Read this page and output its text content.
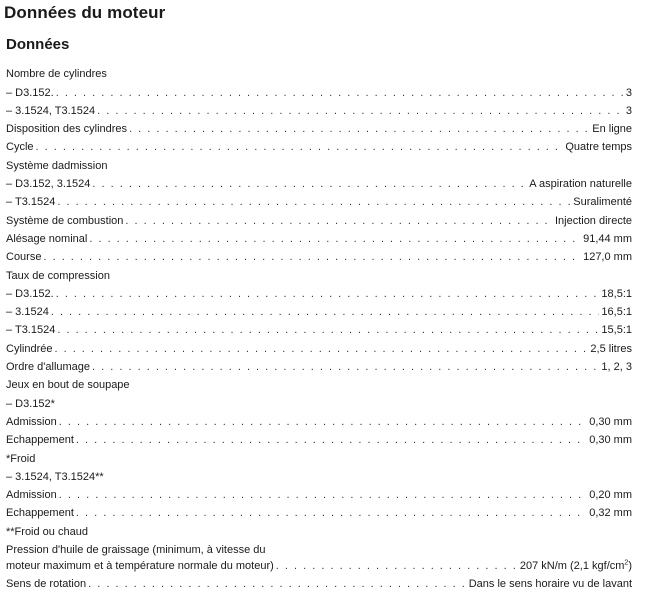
Données du moteur
Données
Nombre de cylindres
– D3.152. . . .	3
– 3.1524, T3.1524 . . .	3
Disposition des cylindres . . .	En ligne
Cycle . . .	Quatre temps
Système dadmission
– D3.152, 3.1524 . . .	A aspiration naturelle
– T3.1524 . . .	Suralimenté
Système de combustion . . .	Injection directe
Alésage nominal . . .	91,44 mm
Course . . .	127,0 mm
Taux de compression
– D3.152. . . .	18,5:1
– 3.1524 . . .	16,5:1
– T3.1524 . . .	15,5:1
Cylindrée . . .	2,5 litres
Ordre d'allumage . . .	1, 2, 3
Jeux en bout de soupape
– D3.152*
Admission . . .	0,30 mm
Echappement . . .	0,30 mm
*Froid
– 3.1524, T3.1524**
Admission . . .	0,20 mm
Echappement . . .	0,32 mm
**Froid ou chaud
Pression d'huile de graissage (minimum, à vitesse du
moteur maximum et à température normale du moteur) . . .	207 kN/m (2,1 kgf/$cm^2$)
Sens de rotation . . .	Dans le sens horaire vu de lavant
